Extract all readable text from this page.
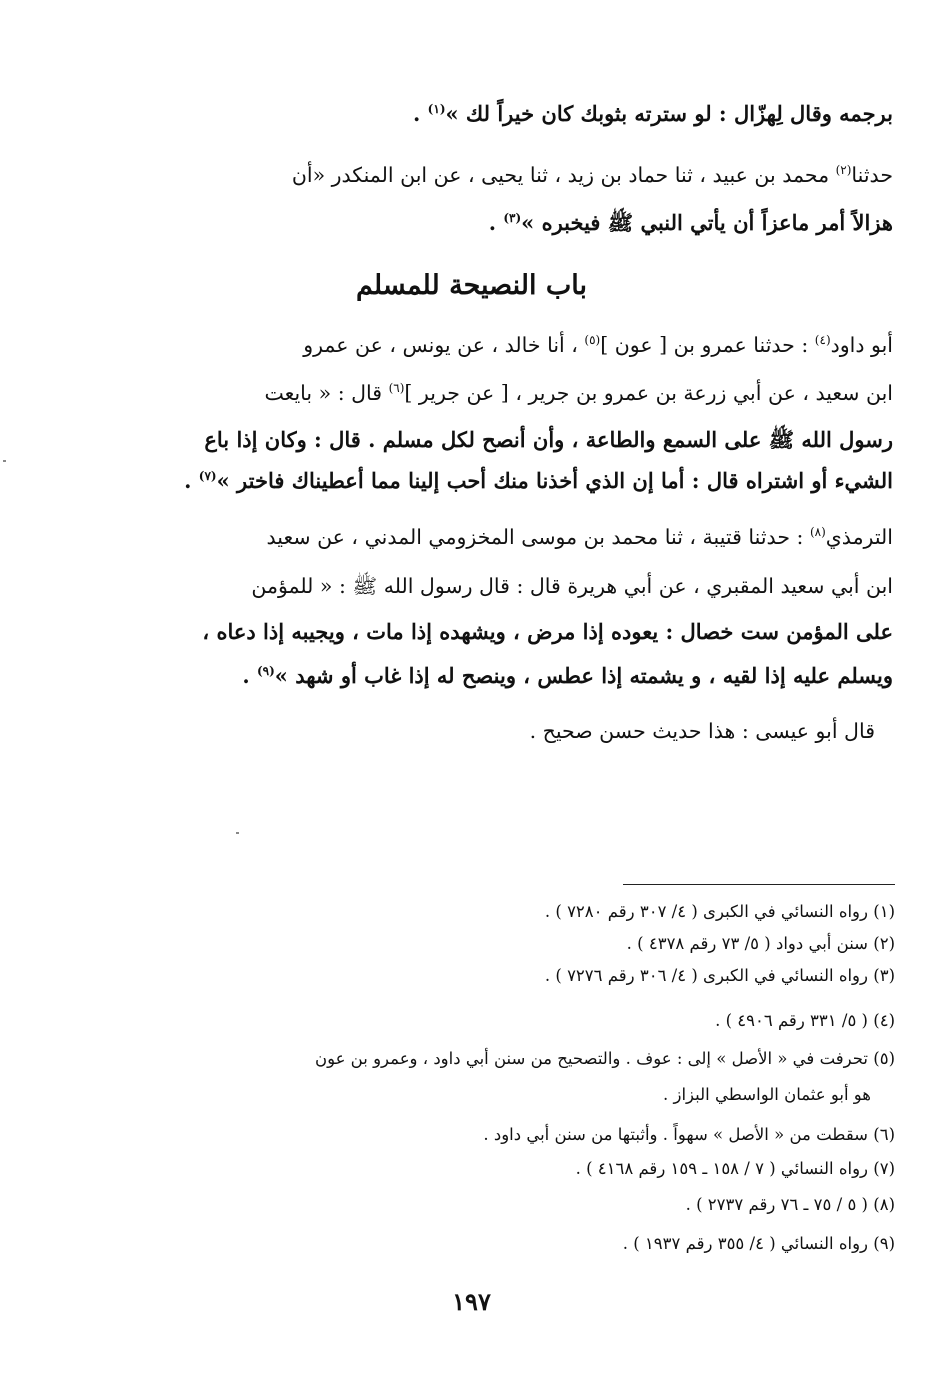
برجمه وقال لِهزّال : لو سترته بثوبك كان خيراً لك »$^{(١)}$ .
حدثنا$^{(٢)}$ محمد بن عبيد ، ثنا حماد بن زيد ، ثنا يحيى ، عن ابن المنكدر «أن
هزالاً أمر ماعزاً أن يأتي النبي ﷺ فيخبره »$^{(٣)}$ .
باب النصيحة للمسلم
أبو داود$^{(٤)}$ : حدثنا عمرو بن [ عون ]$^{(٥)}$ ، أنا خالد ، عن يونس ، عن عمرو
ابن سعيد ، عن أبي زرعة بن عمرو بن جرير ، [ عن جرير ]$^{(٦)}$ قال : « بايعت
رسول الله ﷺ على السمع والطاعة ، وأن أنصح لكل مسلم . قال : وكان إذا باع
الشيء أو اشتراه قال : أما إن الذي أخذنا منك أحب إلينا مما أعطيناك فاختر »$^{(٧)}$ .
الترمذي$^{(٨)}$ : حدثنا قتيبة ، ثنا محمد بن موسى المخزومي المدني ، عن سعيد
ابن أبي سعيد المقبري ، عن أبي هريرة قال : قال رسول الله ﷺ : « للمؤمن
على المؤمن ست خصال : يعوده إذا مرض ، ويشهده إذا مات ، ويجيبه إذا دعاه ،
ويسلم عليه إذا لقيه ، و يشمته إذا عطس ، وينصح له إذا غاب أو شهد »$^{(٩)}$ .
قال أبو عيسى : هذا حديث حسن صحيح .
(١) رواه النسائي في الكبرى ( ٤/ ٣٠٧ رقم ٧٢٨٠ ) .
(٢) سنن أبي دواد ( ٥/ ٧٣ رقم ٤٣٧٨ ) .
(٣) رواه النسائي في الكبرى ( ٤/ ٣٠٦ رقم ٧٢٧٦ ) .
(٤) ( ٥/ ٣٣١ رقم ٤٩٠٦ ) .
(٥) تحرفت في « الأصل » إلى : عوف . والتصحيح من سنن أبي داود ، وعمرو بن عون
هو أبو عثمان الواسطي البزاز .
(٦) سقطت من « الأصل » سهواً . وأثبتها من سنن أبي داود .
(٧) رواه النسائي ( ٧ / ١٥٨ ـ ١٥٩ رقم ٤١٦٨ ) .
(٨) ( ٥ / ٧٥ ـ ٧٦ رقم ٢٧٣٧ ) .
(٩) رواه النسائي ( ٤/ ٣٥٥ رقم ١٩٣٧ ) .
١٩٧
